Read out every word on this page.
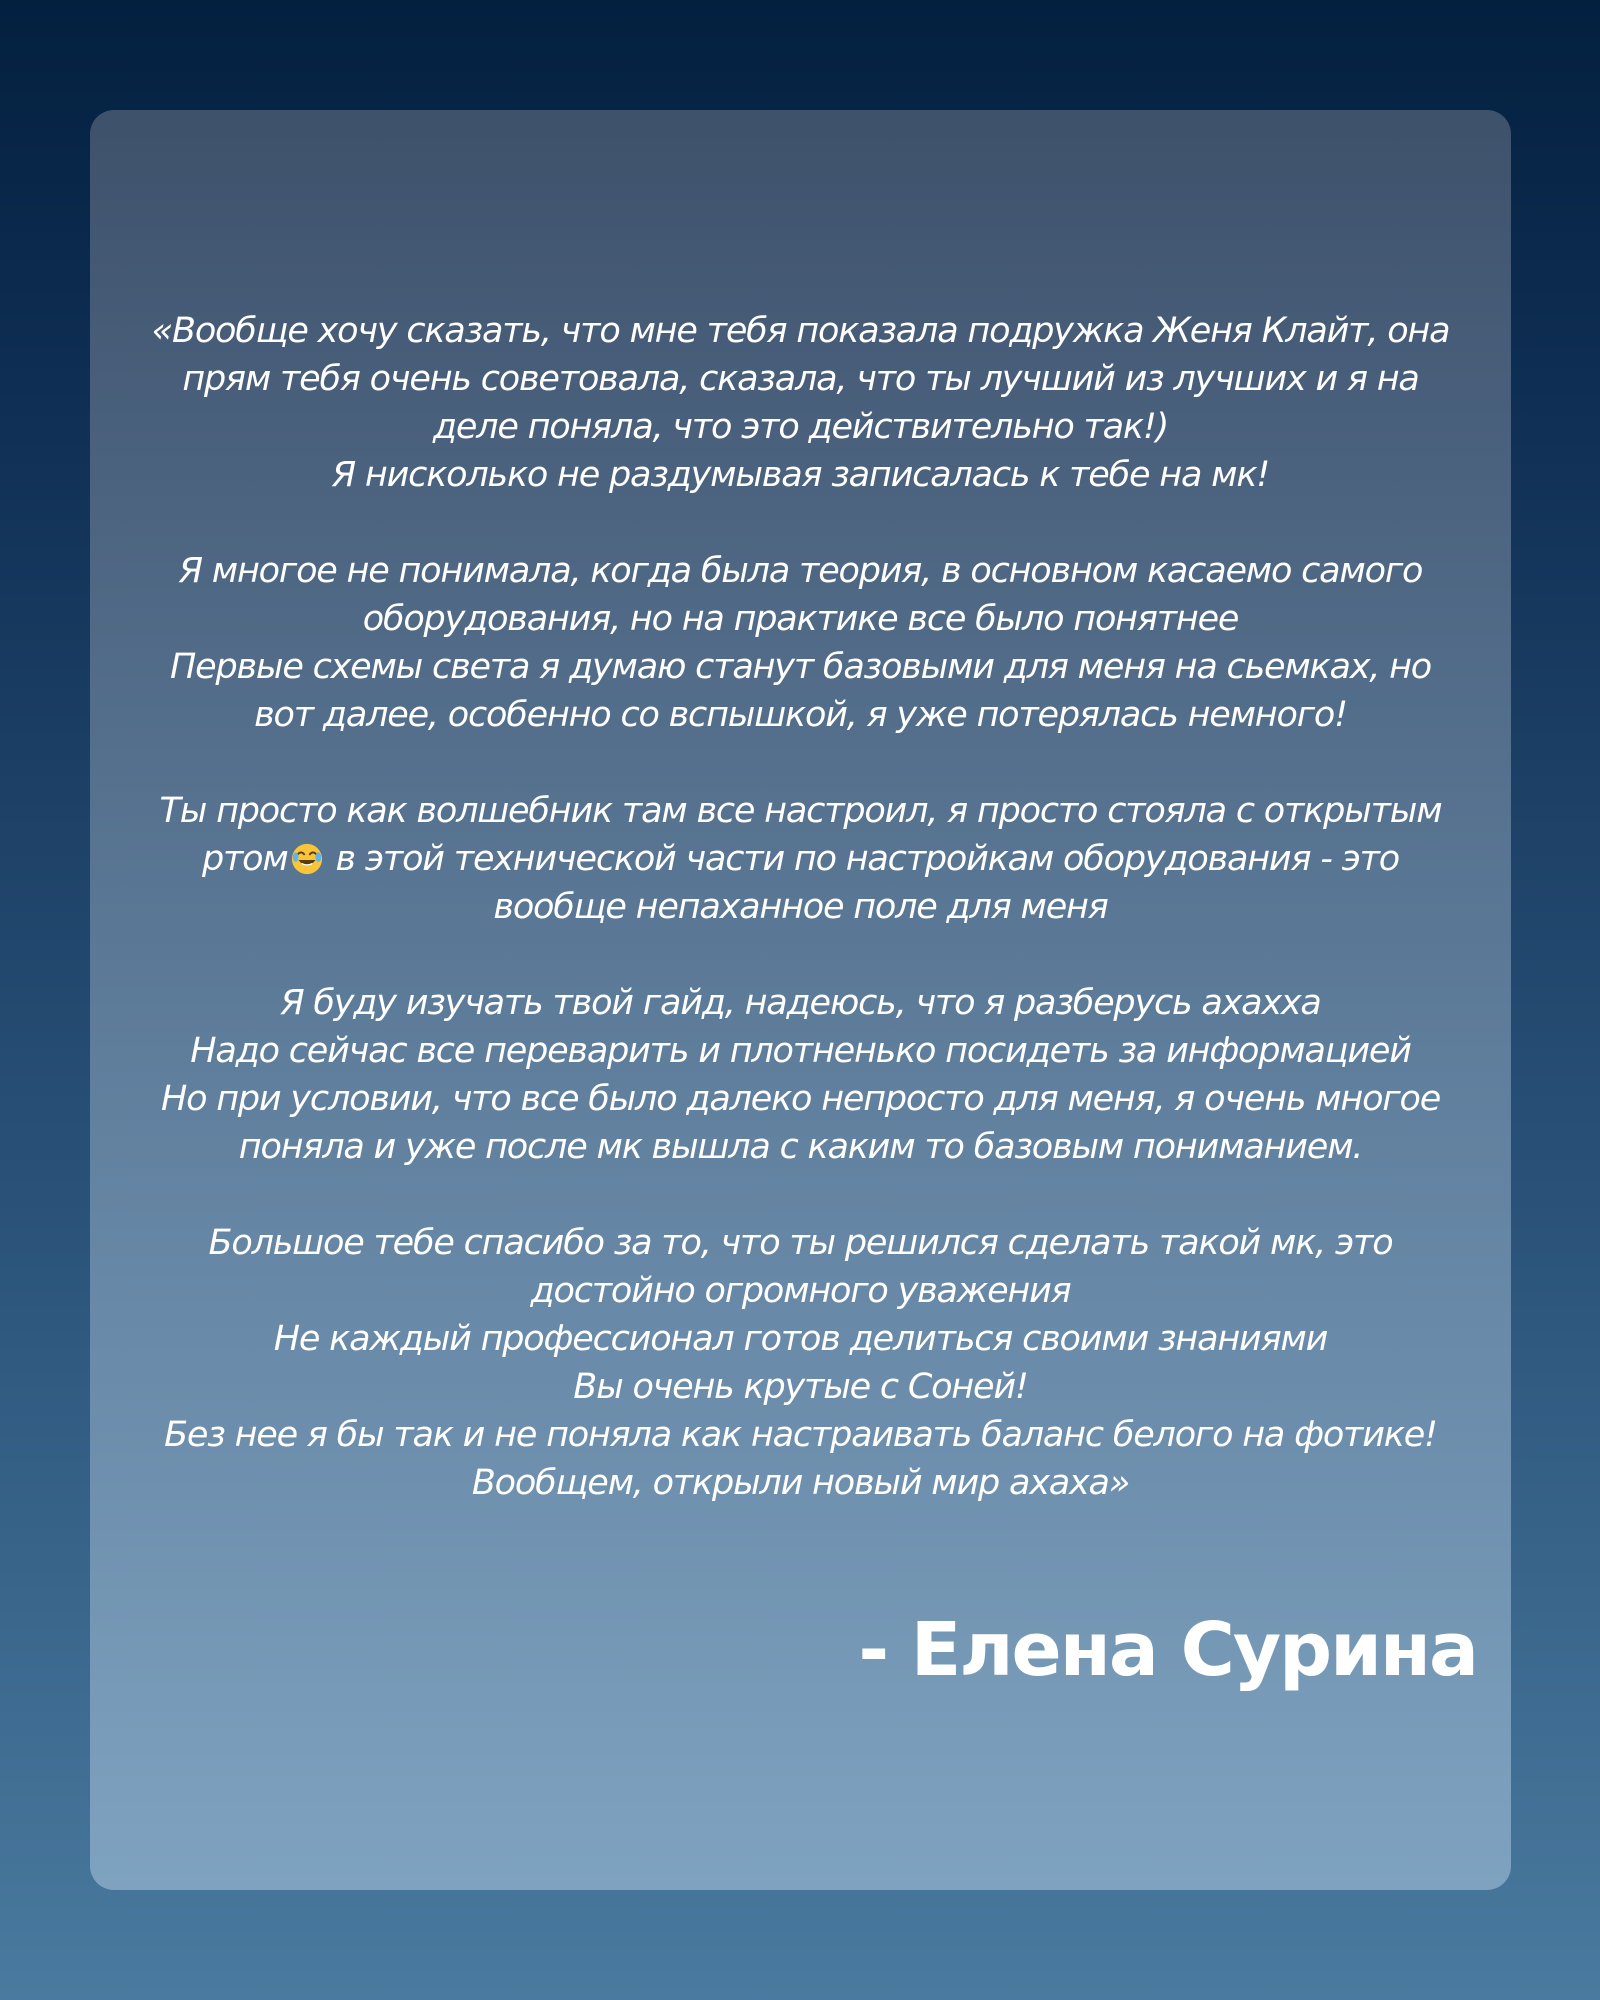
«Вообще хочу сказать, что мне тебя показала подружка Женя Клайт, она
прям тебя очень советовала, сказала, что ты лучший из лучших и я на
деле поняла, что это действительно так!)
Я нисколько не раздумывая записалась к тебе на мк!
Я многое не понимала, когда была теория, в основном касаемо самого
оборудования, но на практике все было понятнее
Первые схемы света я думаю станут базовыми для меня на сьемках, но
вот далее, особенно со вспышкой, я уже потерялась немного!
Ты просто как волшебник там все настроил, я просто стояла с открытым
ртом в этой технической части по настройкам оборудования - это
вообще непаханное поле для меня
Я буду изучать твой гайд, надеюсь, что я разберусь ахахха
Надо сейчас все переварить и плотненько посидеть за информацией
Но при условии, что все было далеко непросто для меня, я очень многое
поняла и уже после мк вышла с каким то базовым пониманием.
Большое тебе спасибо за то, что ты решился сделать такой мк, это
достойно огромного уважения
Не каждый профессионал готов делиться своими знаниями
Вы очень крутые с Соней!
Без нее я бы так и не поняла как настраивать баланс белого на фотике!
Вообщем, открыли новый мир ахаха»
- Елена Сурина
